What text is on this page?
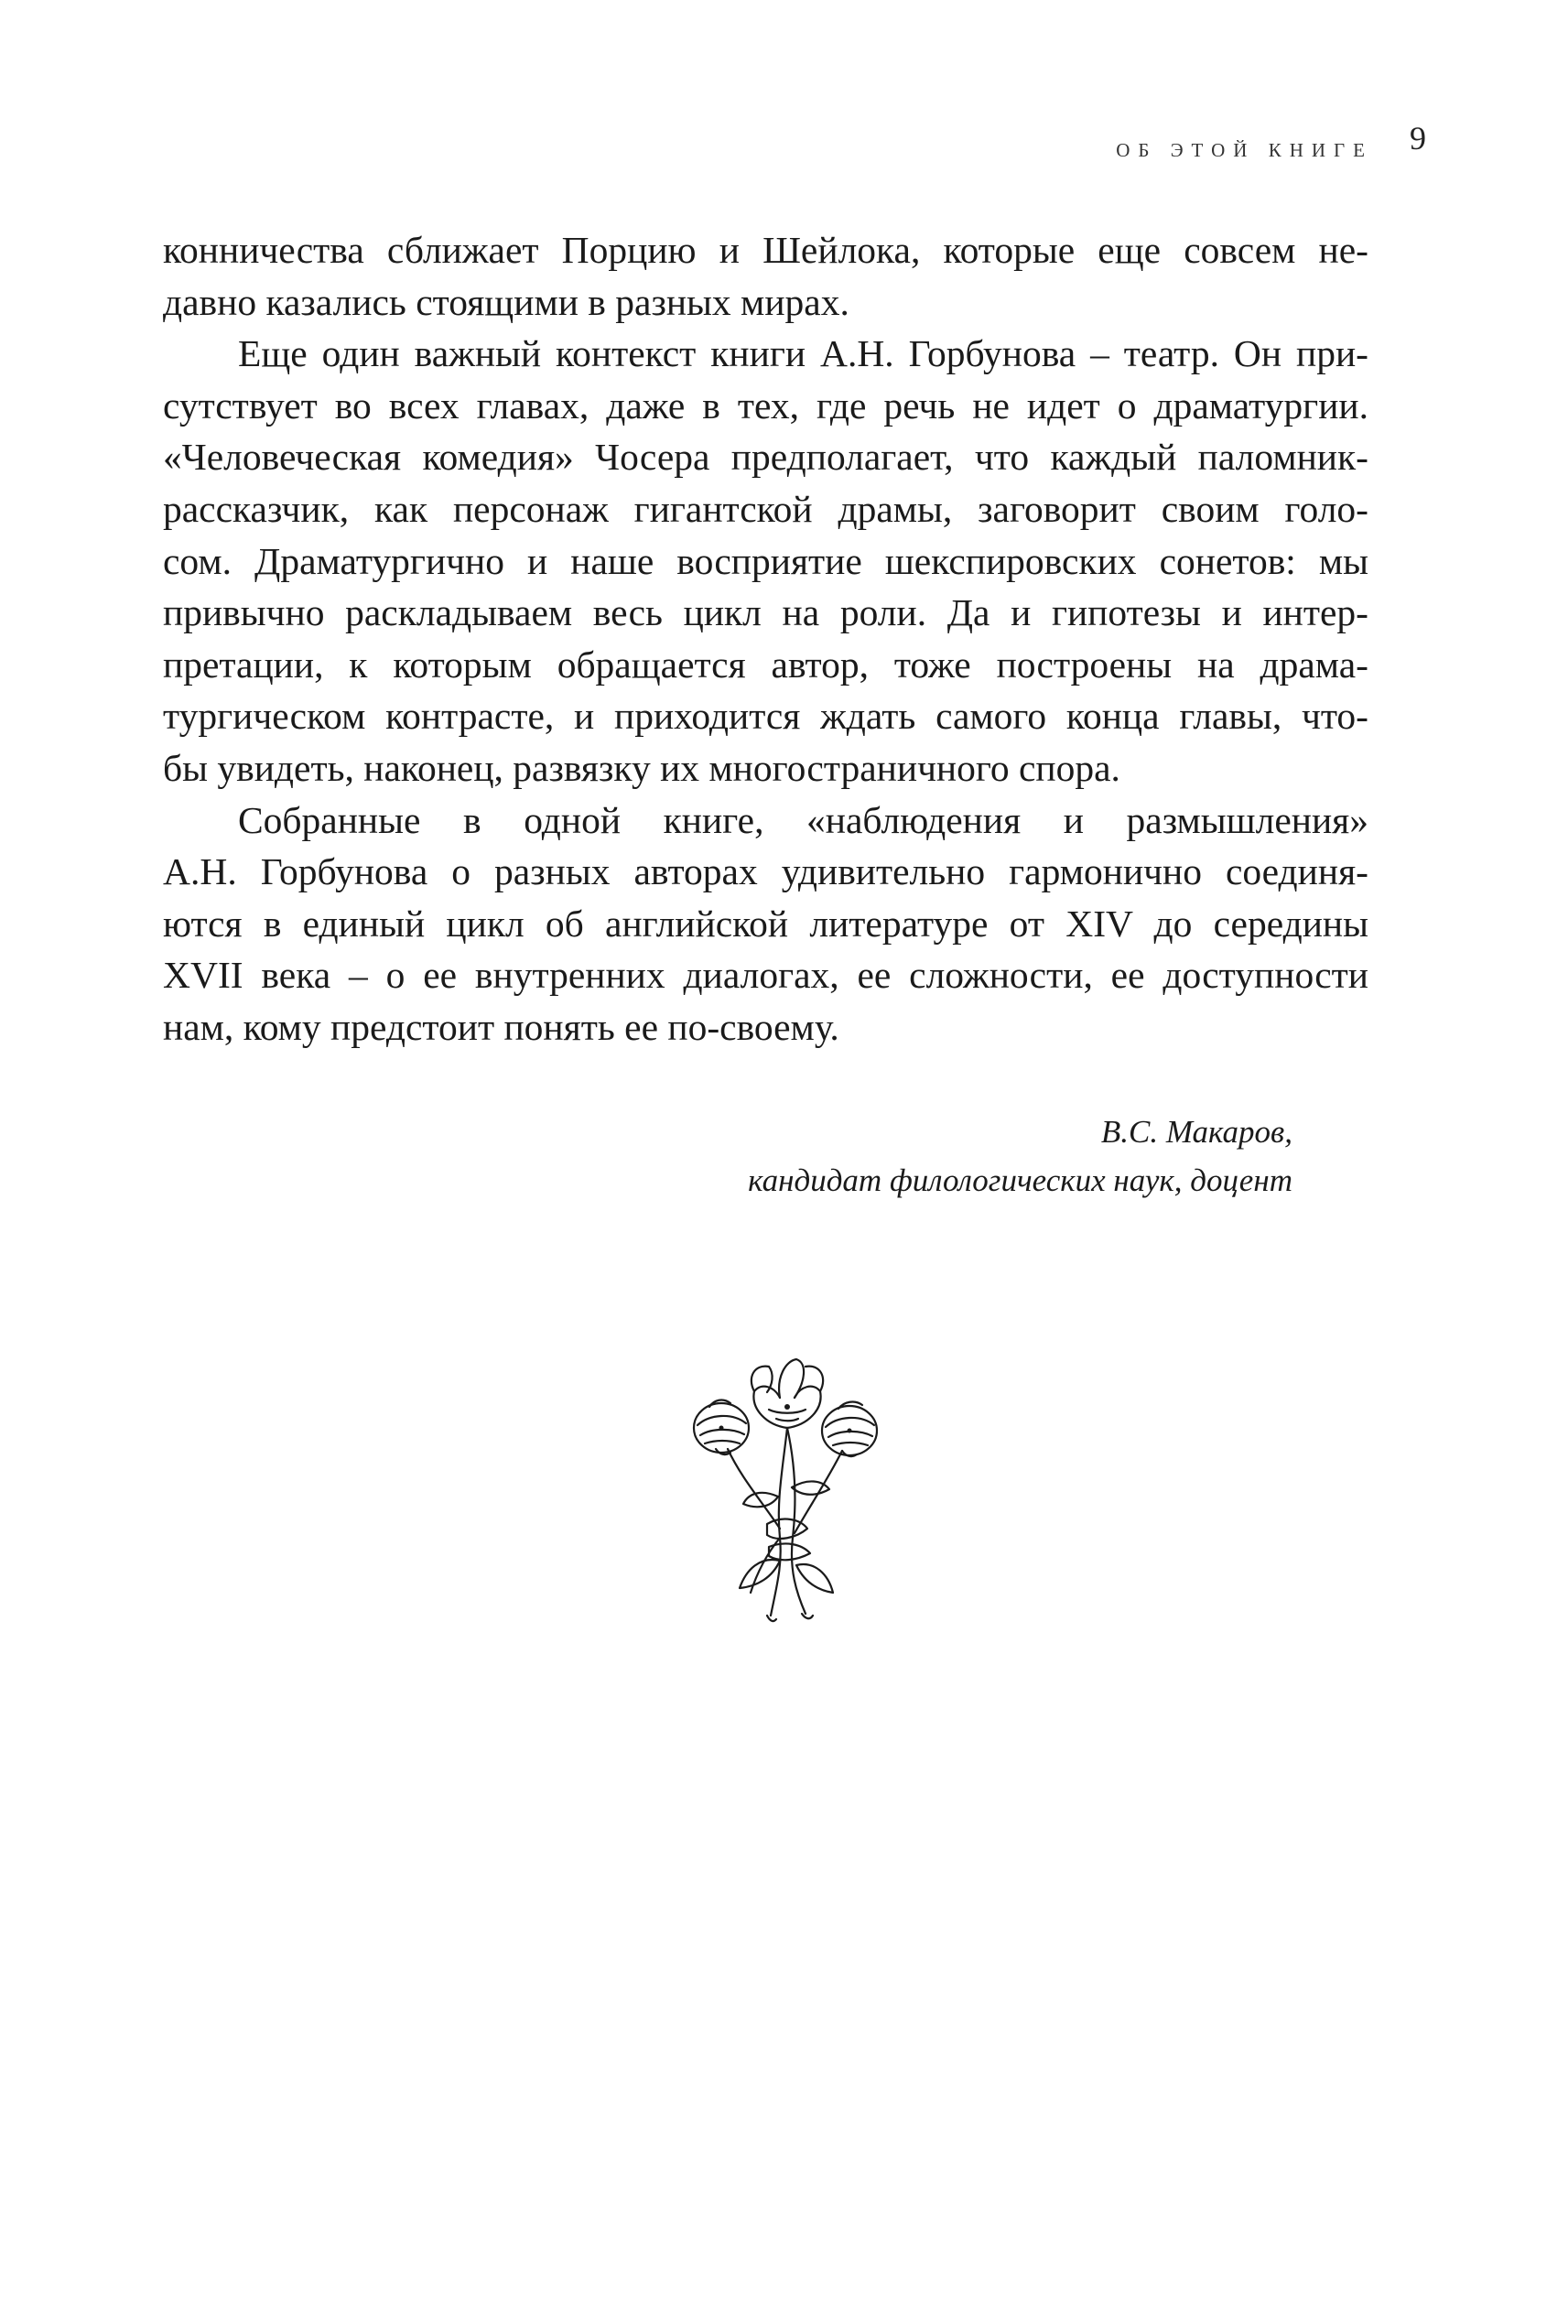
ОБ ЭТОЙ КНИГЕ 9
конничества сближает Порцию и Шейлока, которые еще совсем не-
давно казались стоящими в разных мирах.
Еще один важный контекст книги А.Н. Горбунова – театр. Он при-
сутствует во всех главах, даже в тех, где речь не идет о драматургии.
«Человеческая комедия» Чосера предполагает, что каждый паломник-
рассказчик, как персонаж гигантской драмы, заговорит своим голо-
сом. Драматургично и наше восприятие шекспировских сонетов: мы
привычно раскладываем весь цикл на роли. Да и гипотезы и интер-
претации, к которым обращается автор, тоже построены на драма-
тургическом контрасте, и приходится ждать самого конца главы, что-
бы увидеть, наконец, развязку их многостраничного спора.
Собранные в одной книге, «наблюдения и размышления»
А.Н. Горбунова о разных авторах удивительно гармонично соединя-
ются в единый цикл об английской литературе от XIV до середины
XVII века – о ее внутренних диалогах, ее сложности, ее доступности
нам, кому предстоит понять ее по-своему.
В.С. Макаров,
кандидат филологических наук, доцент
